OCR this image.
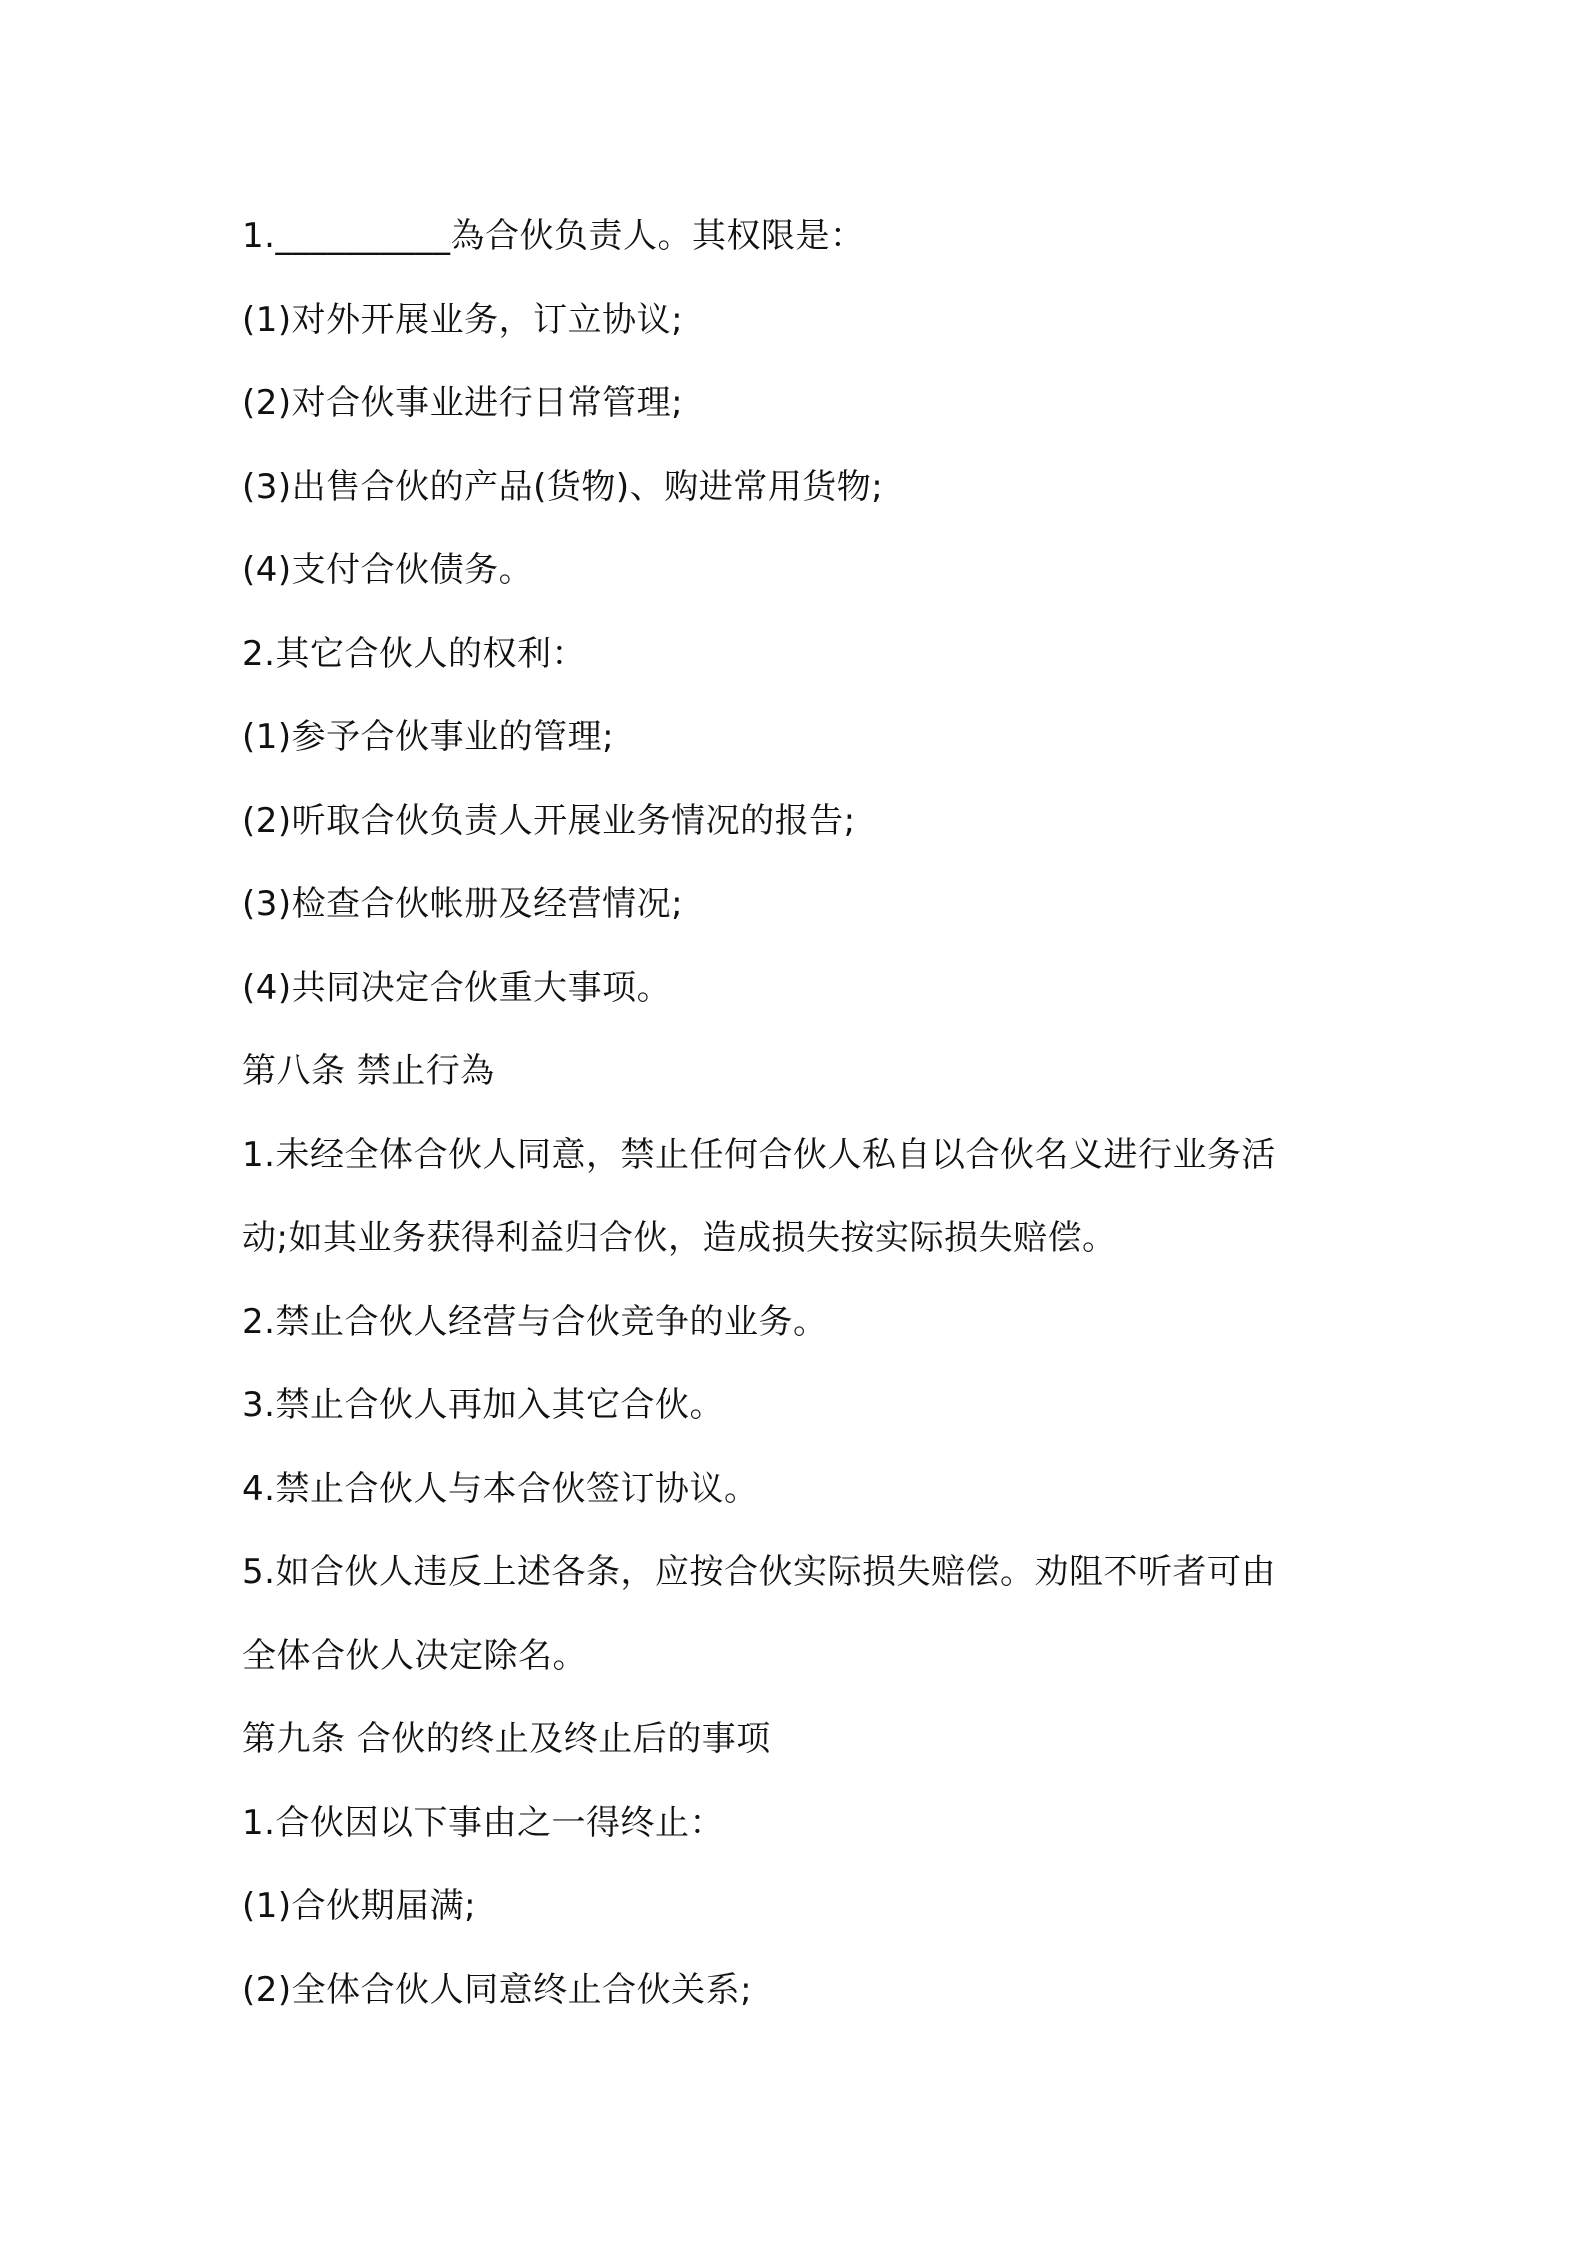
1.__________為合伙负责人。其权限是：
(1)对外开展业务，订立协议;
(2)对合伙事业进行日常管理;
(3)出售合伙的产品(货物)、购进常用货物;
(4)支付合伙债务。
2.其它合伙人的权利：
(1)参予合伙事业的管理;
(2)听取合伙负责人开展业务情况的报告;
(3)检查合伙帐册及经营情况;
(4)共同决定合伙重大事项。
第八条 禁止行為
1.未经全体合伙人同意，禁止任何合伙人私自以合伙名义进行业务活
动;如其业务获得利益归合伙，造成损失按实际损失赔偿。
2.禁止合伙人经营与合伙竞争的业务。
3.禁止合伙人再加入其它合伙。
4.禁止合伙人与本合伙签订协议。
5.如合伙人违反上述各条，应按合伙实际损失赔偿。劝阻不听者可由
全体合伙人决定除名。
第九条 合伙的终止及终止后的事项
1.合伙因以下事由之一得终止：
(1)合伙期届满;
(2)全体合伙人同意终止合伙关系;
